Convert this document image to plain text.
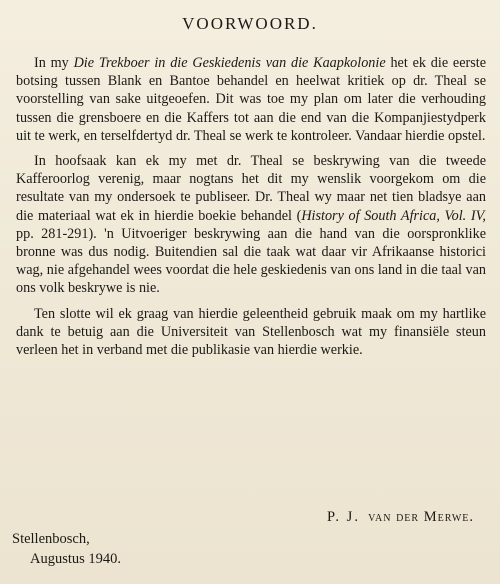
VOORWOORD.

In my Die Trekboer in die Geskiedenis van die Kaapkolonie het ek die eerste botsing tussen Blank en Bantoe behandel en heelwat kritiek op dr. Theal se voorstelling van sake uitgeoefen. Dit was toe my plan om later die verhouding tussen die grensboere en die Kaffers tot aan die end van die Kompanjiestydperk uit te werk, en terselfdertyd dr. Theal se werk te kontroleer. Vandaar hierdie opstel.

In hoofsaak kan ek my met dr. Theal se beskrywing van die tweede Kafferoorlog verenig, maar nogtans het dit my wenslik voorgekom om die resultate van my ondersoek te publiseer. Dr. Theal wy maar net tien bladsye aan die materiaal wat ek in hierdie boekie behandel (History of South Africa, Vol. IV, pp. 281-291). 'n Uitvoeriger beskrywing aan die hand van die oorspronklike bronne was dus nodig. Buitendien sal die taak wat daar vir Afrikaanse historici wag, nie afgehandel wees voordat die hele geskiedenis van ons land in die taal van ons volk beskrywe is nie.

Ten slotte wil ek graag van hierdie geleentheid gebruik maak om my hartlike dank te betuig aan die Universiteit van Stellenbosch wat my finansiële steun verleen het in verband met die publikasie van hierdie werkie.

P. J. van der Merwe.
Stellenbosch,
Augustus 1940.
